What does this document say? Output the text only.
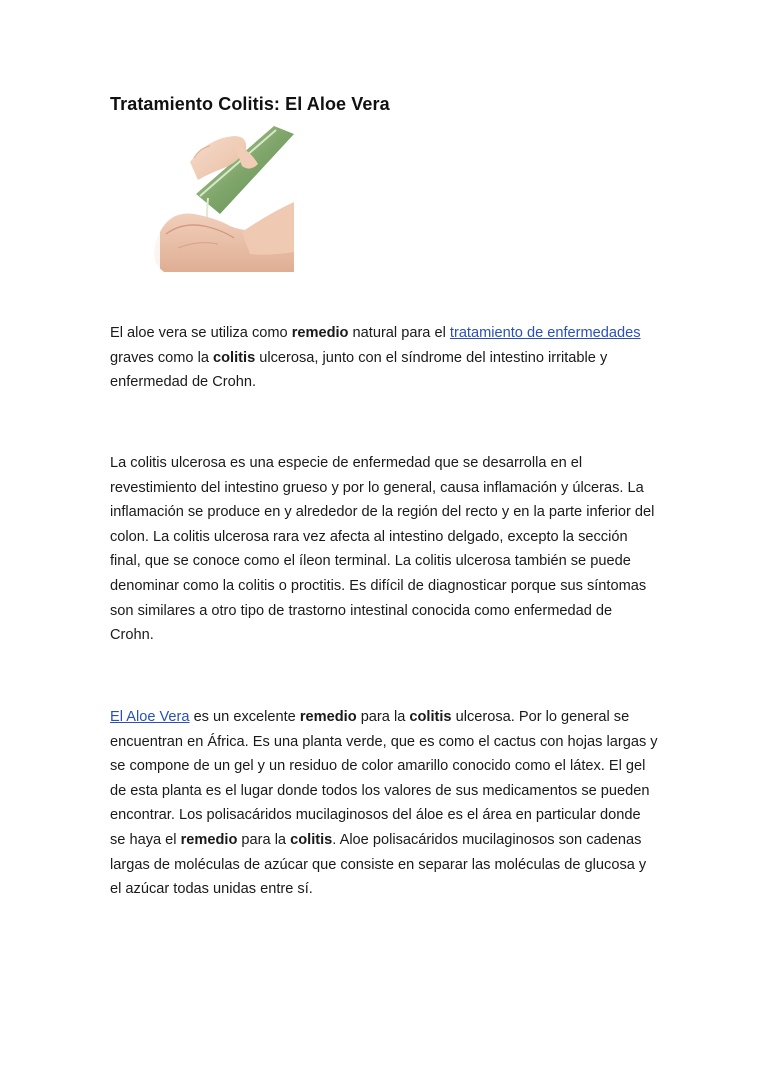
Tratamiento Colitis: El Aloe Vera

El aloe vera se utiliza como remedio natural para el tratamiento de enfermedades graves como la colitis ulcerosa, junto con el síndrome del intestino irritable y enfermedad de Crohn.

La colitis ulcerosa es una especie de enfermedad que se desarrolla en el revestimiento del intestino grueso y por lo general, causa inflamación y úlceras. La inflamación se produce en y alrededor de la región del recto y en la parte inferior del colon. La colitis ulcerosa rara vez afecta al intestino delgado, excepto la sección final, que se conoce como el íleon terminal. La colitis ulcerosa también se puede denominar como la colitis o proctitis. Es difícil de diagnosticar porque sus síntomas son similares a otro tipo de trastorno intestinal conocida como enfermedad de Crohn.

El Aloe Vera es un excelente remedio para la colitis ulcerosa. Por lo general se encuentran en África. Es una planta verde, que es como el cactus con hojas largas y se compone de un gel y un residuo de color amarillo conocido como el látex. El gel de esta planta es el lugar donde todos los valores de sus medicamentos se pueden encontrar. Los polisacáridos mucilaginosos del áloe es el área en particular donde se haya el remedio para la colitis. Aloe polisacáridos mucilaginosos son cadenas largas de moléculas de azúcar que consiste en separar las moléculas de glucosa y el azúcar todas unidas entre sí.
